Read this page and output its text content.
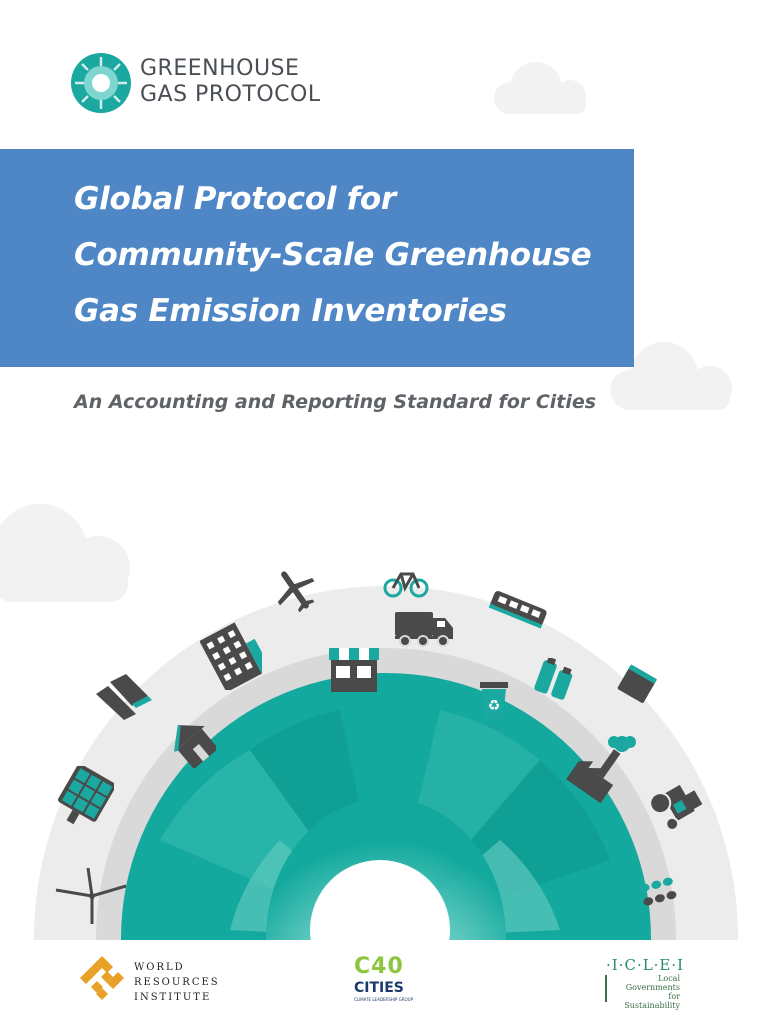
GREENHOUSE
GAS PROTOCOL
Global Protocol for
Community-Scale Greenhouse
Gas Emission Inventories
An Accounting and Reporting Standard for Cities
♻
WORLD
RESOURCES
INSTITUTE
C40
CITIES
CLIMATE LEADERSHIP GROUP
·I·C·L·E·I
Local
Governments
for Sustainability
